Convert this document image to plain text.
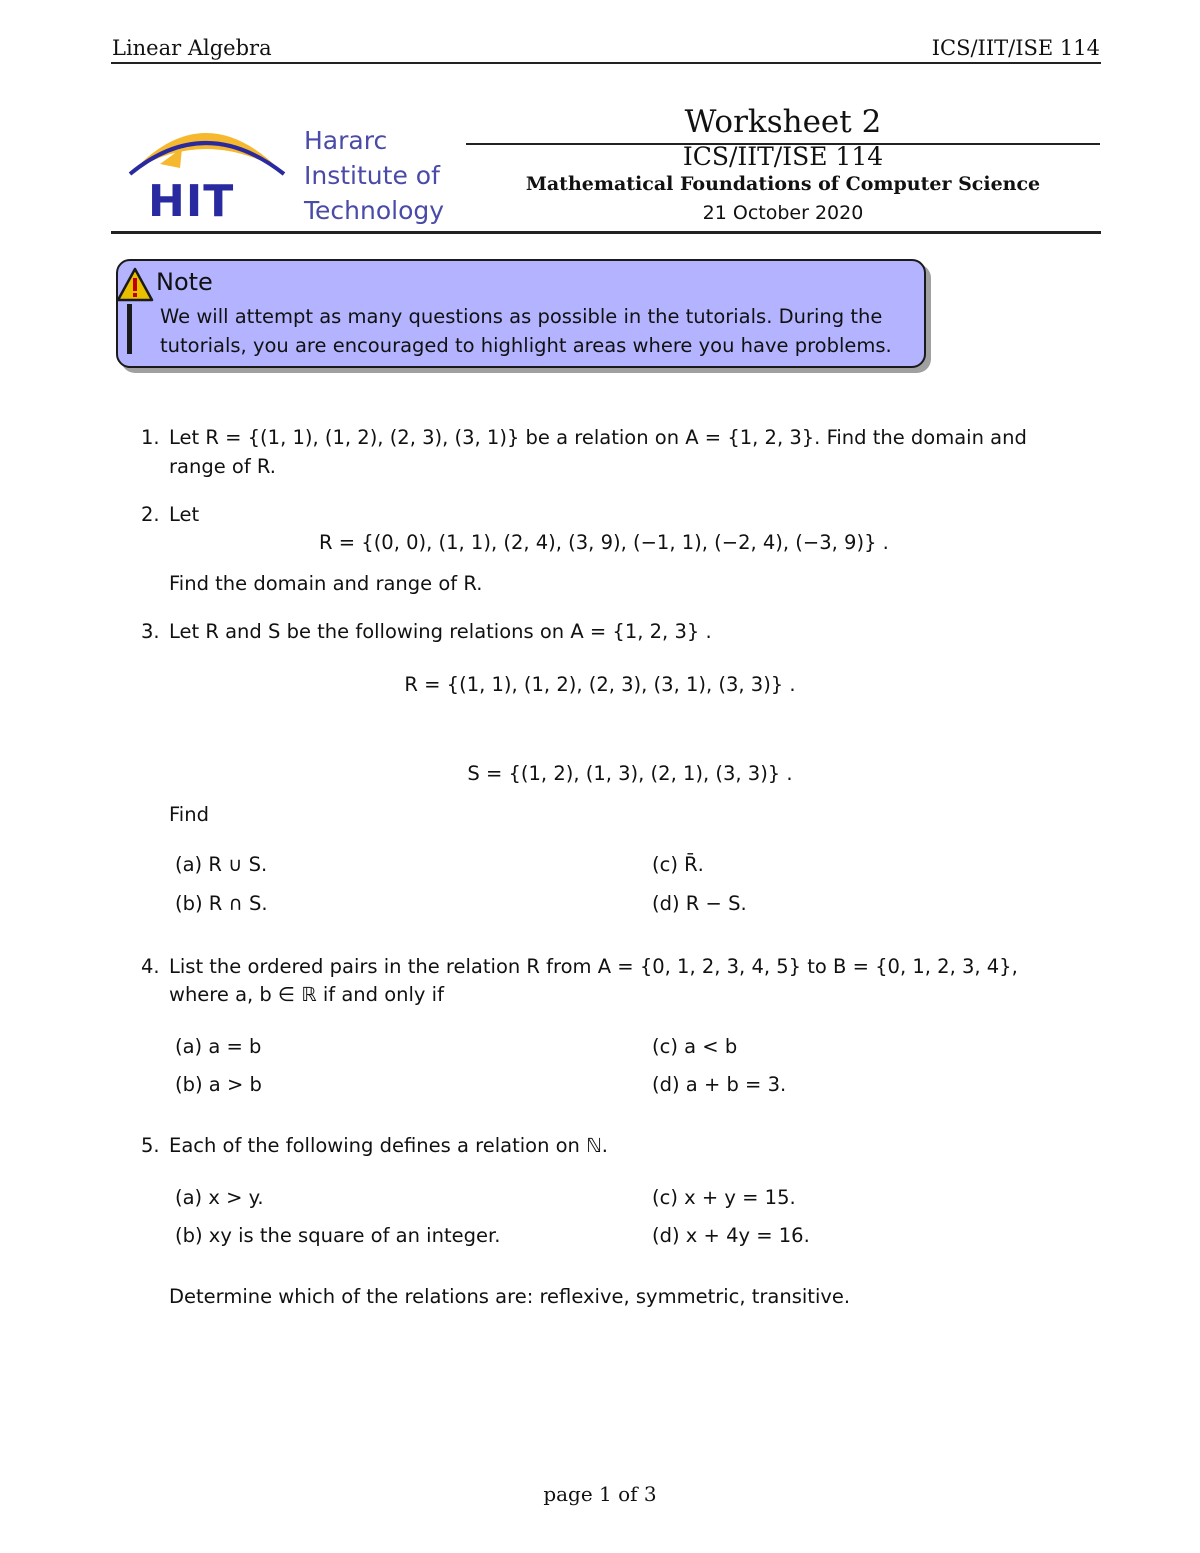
Linear Algebra	ICS/IIT/ISE 114
HIT
Hararc
Institute of
Technology
Worksheet 2
ICS/IIT/ISE 114
Mathematical Foundations of Computer Science
21 October 2020
Note
We will attempt as many questions as possible in the tutorials. During the
tutorials, you are encouraged to highlight areas where you have problems.
1. Let R = {(1, 1), (1, 2), (2, 3), (3, 1)} be a relation on A = {1, 2, 3}. Find the domain and
range of R.
2. Let
R = {(0, 0), (1, 1), (2, 4), (3, 9), (−1, 1), (−2, 4), (−3, 9)} .
Find the domain and range of R.
3. Let R and S be the following relations on A = {1, 2, 3} .
R = {(1, 1), (1, 2), (2, 3), (3, 1), (3, 3)} .
S = {(1, 2), (1, 3), (2, 1), (3, 3)} .
Find
(a) R ∪ S.
(b) R ∩ S.
(c) R̄.
(d) R − S.
4. List the ordered pairs in the relation R from A = {0, 1, 2, 3, 4, 5} to B = {0, 1, 2, 3, 4},
where a, b ∈ ℝ if and only if
(a) a = b
(b) a > b
(c) a < b
(d) a + b = 3.
5. Each of the following defines a relation on ℕ.
(a) x > y.
(b) xy is the square of an integer.
(c) x + y = 15.
(d) x + 4y = 16.
Determine which of the relations are: reflexive, symmetric, transitive.
page 1 of 3
